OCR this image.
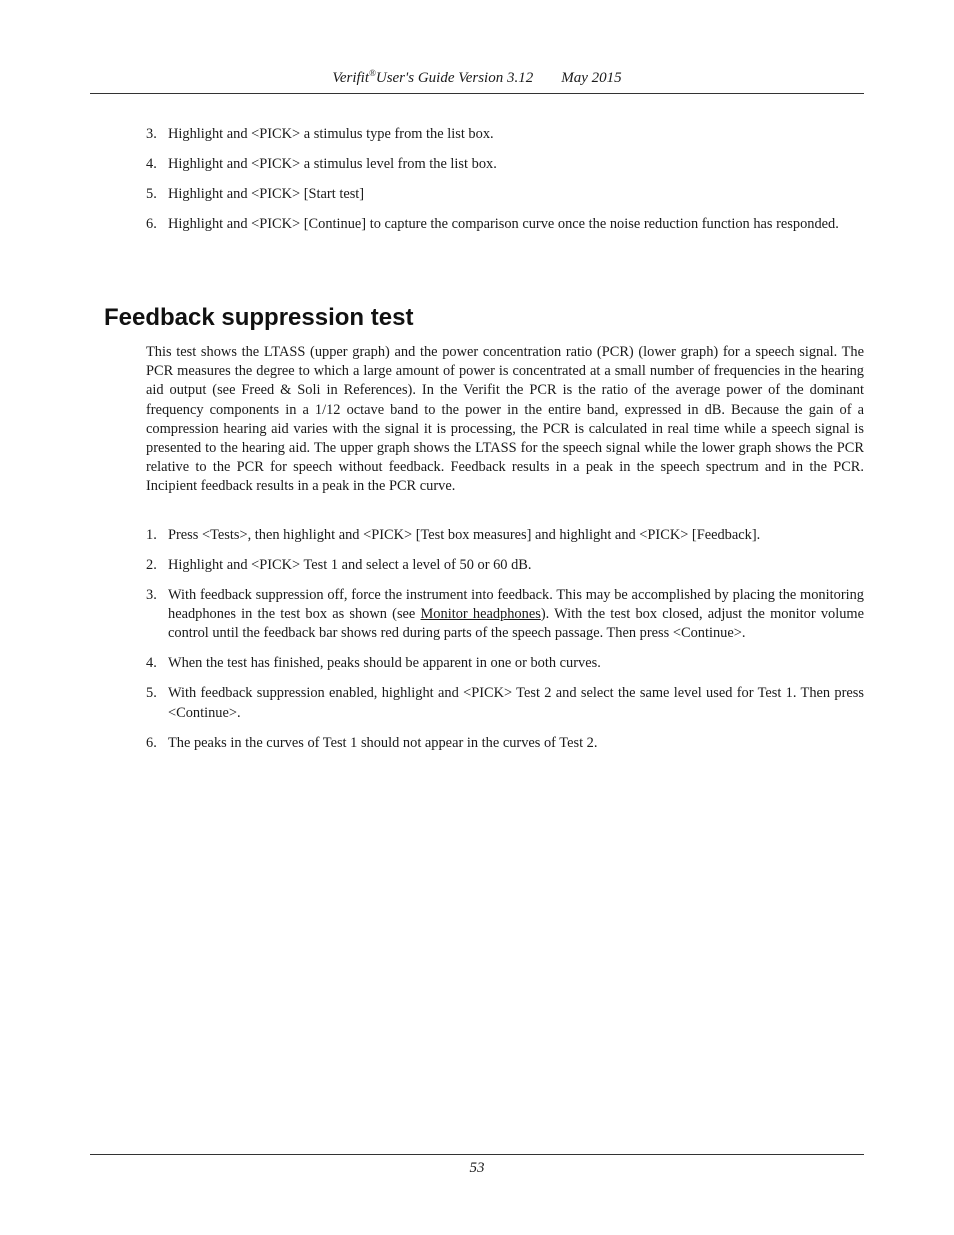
Verifit®User's Guide Version 3.12 May 2015
3. Highlight and <PICK> a stimulus type from the list box.
4. Highlight and <PICK> a stimulus level from the list box.
5. Highlight and <PICK> [Start test]
6. Highlight and <PICK> [Continue] to capture the comparison curve once the noise reduction function has responded.
Feedback suppression test

This test shows the LTASS (upper graph) and the power concentration ratio (PCR) (lower graph) for a speech signal. The PCR measures the degree to which a large amount of power is concentrated at a small number of frequencies in the hearing aid output (see Freed & Soli in References). In the Verifit the PCR is the ratio of the average power of the dominant frequency components in a 1/12 octave band to the power in the entire band, expressed in dB. Because the gain of a compression hearing aid varies with the signal it is processing, the PCR is calculated in real time while a speech signal is presented to the hearing aid. The upper graph shows the LTASS for the speech signal while the lower graph shows the PCR relative to the PCR for speech without feedback. Feedback results in a peak in the speech spectrum and in the PCR. Incipient feedback results in a peak in the PCR curve.

1. Press <Tests>, then highlight and <PICK> [Test box measures] and highlight and <PICK> [Feedback].
2. Highlight and <PICK> Test 1 and select a level of 50 or 60 dB.
3. With feedback suppression off, force the instrument into feedback. This may be accomplished by placing the monitoring headphones in the test box as shown (see Monitor headphones). With the test box closed, adjust the monitor volume control until the feedback bar shows red during parts of the speech passage. Then press <Continue>.
4. When the test has finished, peaks should be apparent in one or both curves.
5. With feedback suppression enabled, highlight and <PICK> Test 2 and select the same level used for Test 1. Then press <Continue>.
6. The peaks in the curves of Test 1 should not appear in the curves of Test 2.
53
